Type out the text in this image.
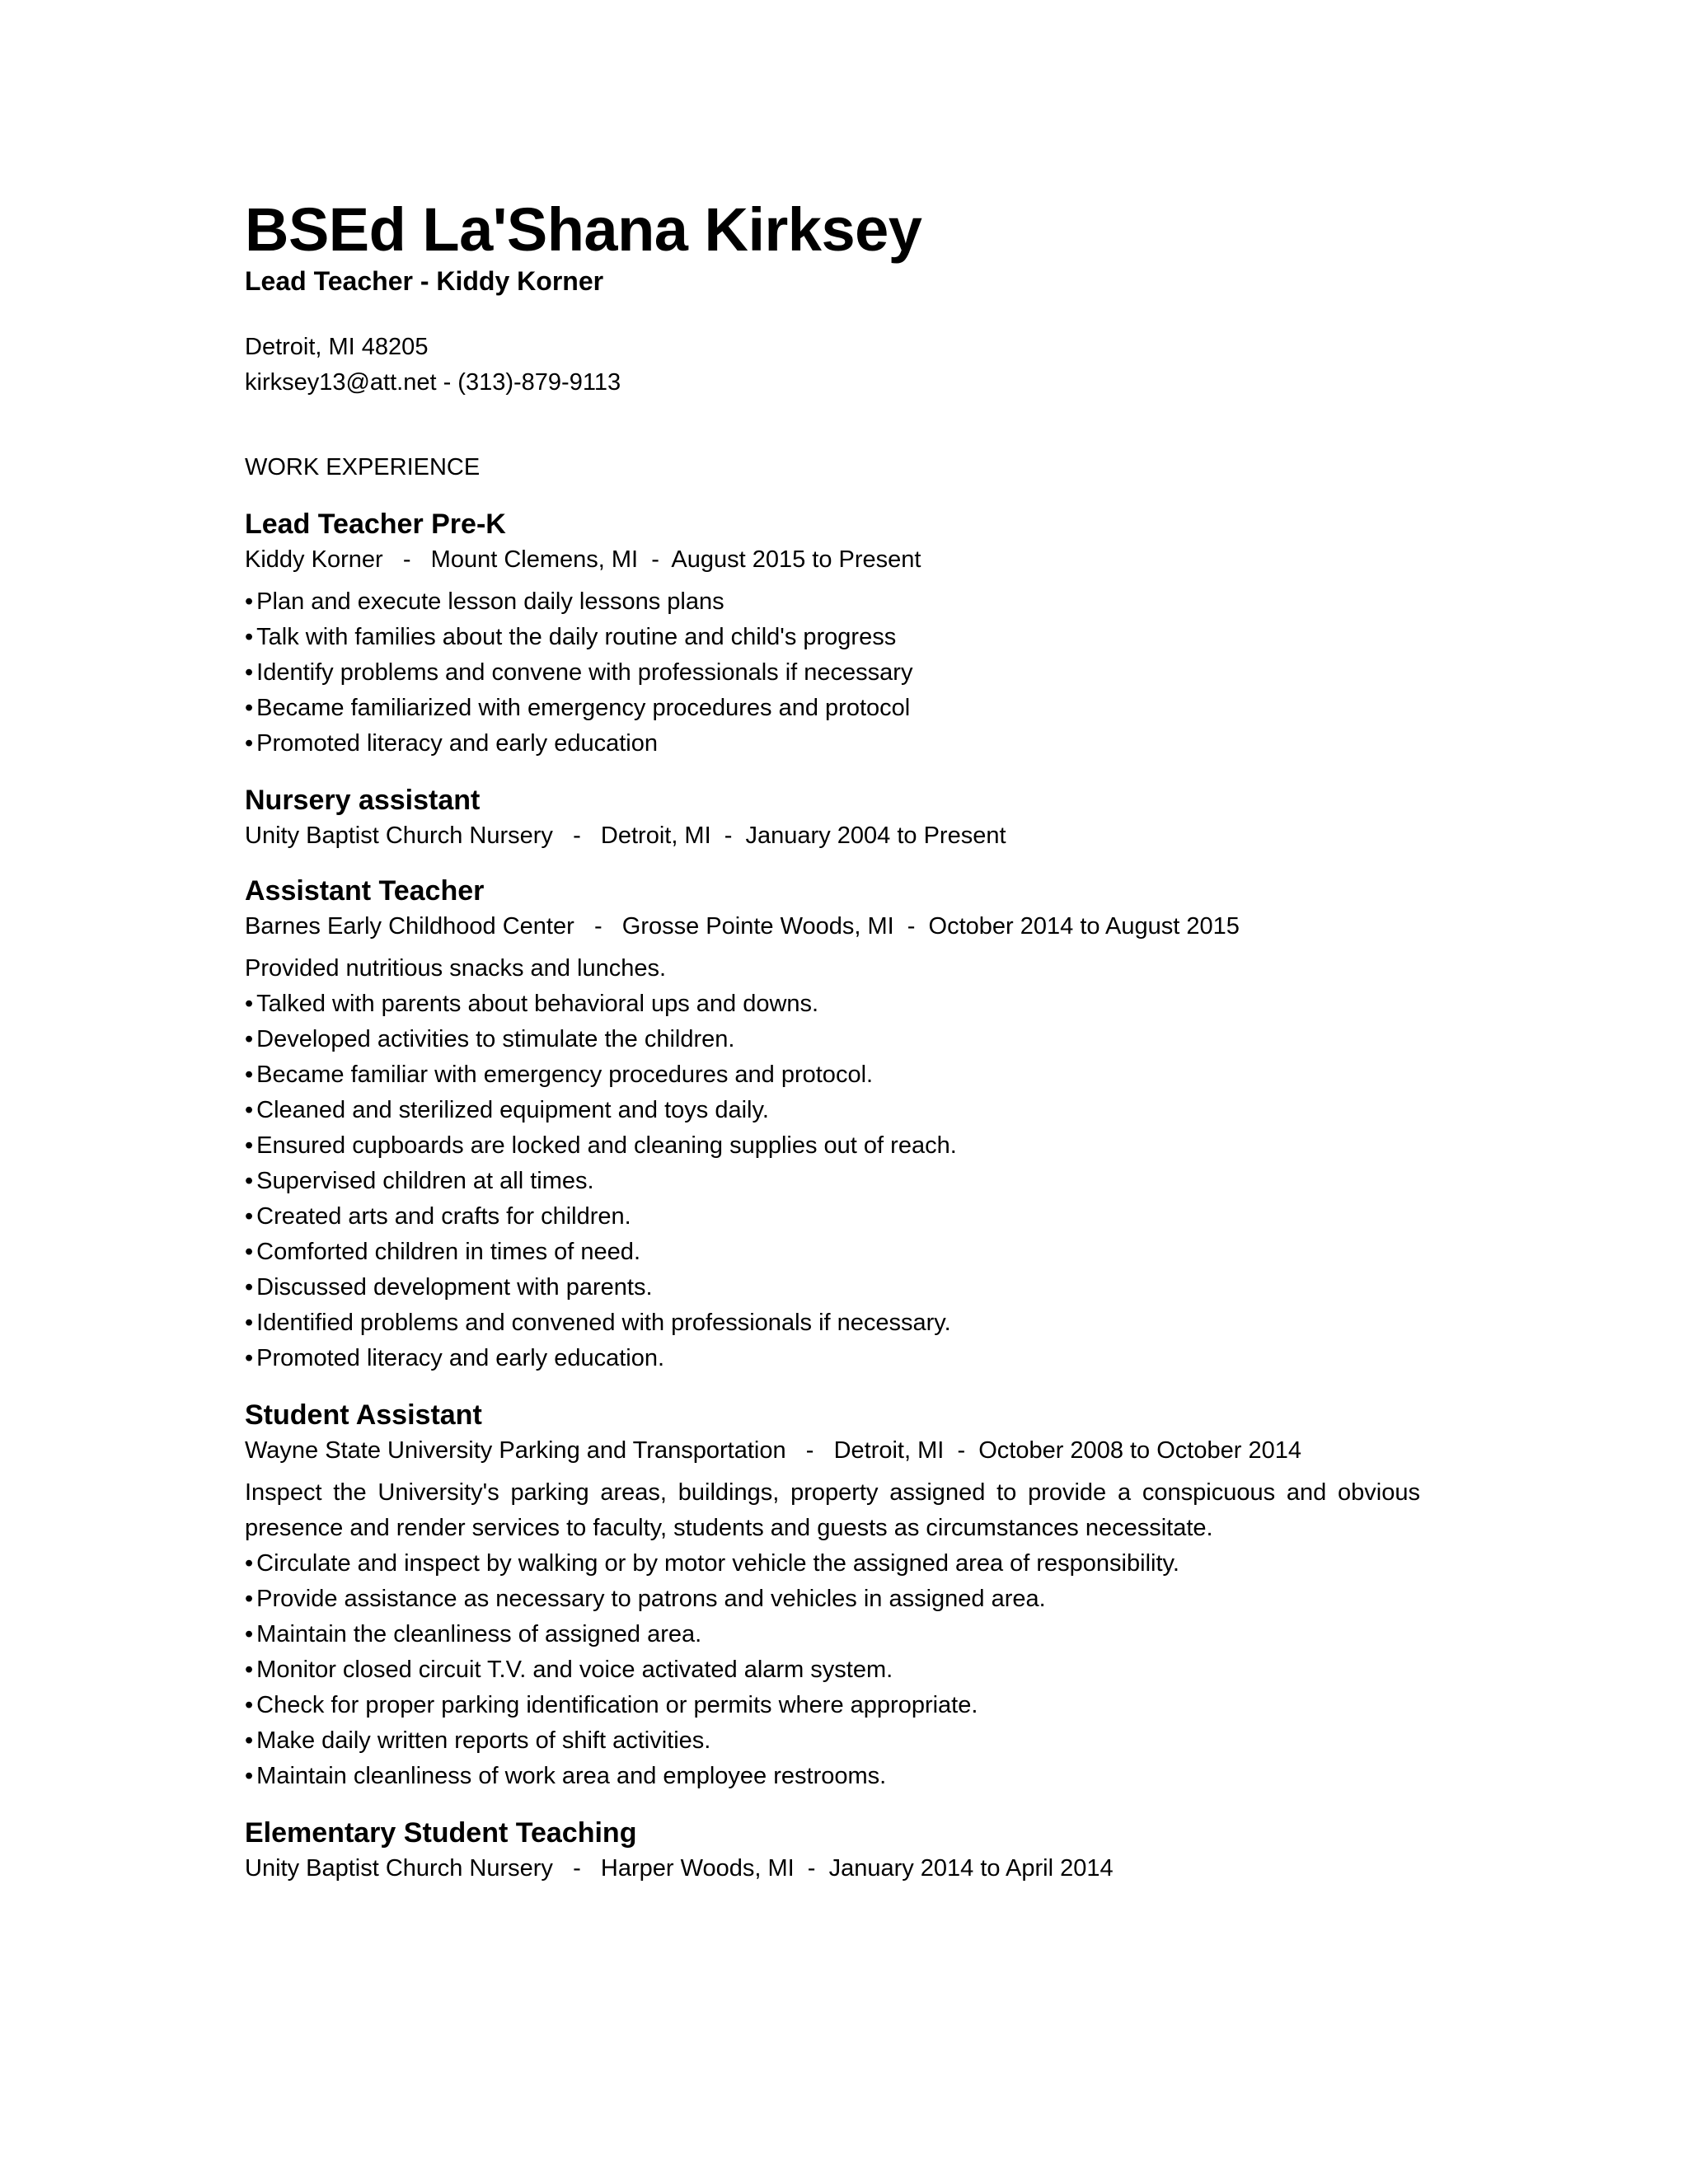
BSEd La'Shana Kirksey
Lead Teacher - Kiddy Korner
Detroit, MI 48205
kirksey13@att.net - (313)-879-9113
WORK EXPERIENCE
Lead Teacher Pre-K
Kiddy Korner   -   Mount Clemens, MI  -  August 2015 to Present
• Plan and execute lesson daily lessons plans
• Talk with families about the daily routine and child's progress
• Identify problems and convene with professionals if necessary
• Became familiarized with emergency procedures and protocol
• Promoted literacy and early education
Nursery assistant
Unity Baptist Church Nursery   -   Detroit, MI  -  January 2004 to Present
Assistant Teacher
Barnes Early Childhood Center   -   Grosse Pointe Woods, MI  -  October 2014 to August 2015

Provided nutritious snacks and lunches.

• Talked with parents about behavioral ups and downs.
• Developed activities to stimulate the children.
• Became familiar with emergency procedures and protocol.
• Cleaned and sterilized equipment and toys daily.
• Ensured cupboards are locked and cleaning supplies out of reach.
• Supervised children at all times.
• Created arts and crafts for children.
• Comforted children in times of need.
• Discussed development with parents.
• Identified problems and convened with professionals if necessary.
• Promoted literacy and early education.
Student Assistant
Wayne State University Parking and Transportation   -   Detroit, MI  -  October 2008 to October 2014

Inspect the University's parking areas, buildings, property assigned to provide a conspicuous and obvious presence and render services to faculty, students and guests as circumstances necessitate.

• Circulate and inspect by walking or by motor vehicle the assigned area of responsibility.
• Provide assistance as necessary to patrons and vehicles in assigned area.
• Maintain the cleanliness of assigned area.
• Monitor closed circuit T.V. and voice activated alarm system.
• Check for proper parking identification or permits where appropriate.
• Make daily written reports of shift activities.
• Maintain cleanliness of work area and employee restrooms.
Elementary Student Teaching
Unity Baptist Church Nursery   -   Harper Woods, MI  -  January 2014 to April 2014
